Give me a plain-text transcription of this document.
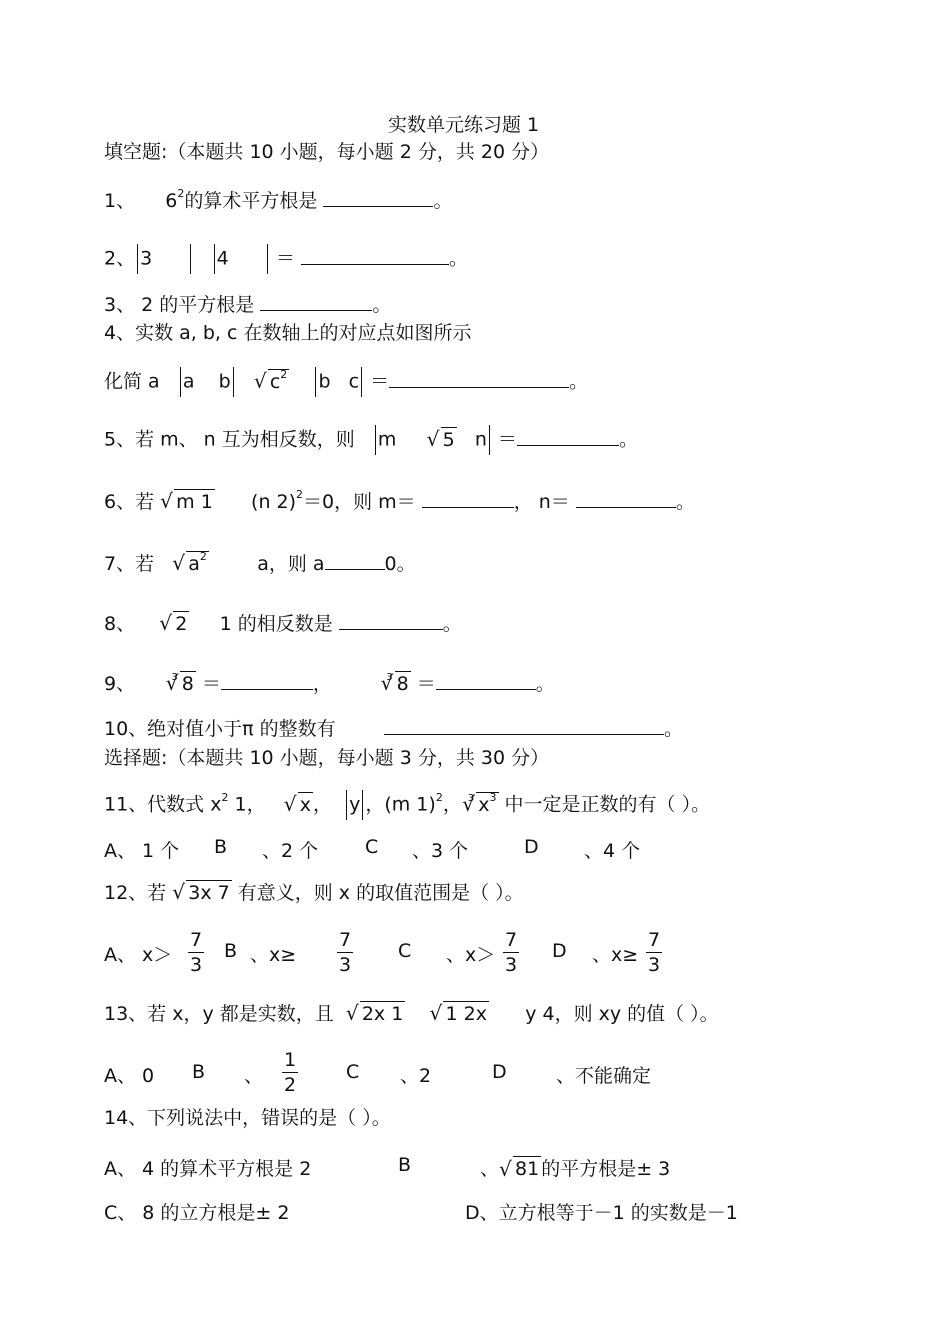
实数单元练习题 1
填空题:（本题共 10 小题，每小题 2 分，共 20 分）
1、 $6^2$的算术平方根是	。
2、 3	4 ＝	。
3、 2 的平方根是	。
4、实数 a, b, c 在数轴上的对应点如图所示
化简 a a b √ $c^2$ b c ＝	。
5、若 m、 n 互为相反数，则 m √ 5 n ＝	。
6、若 √ m 1 (n 2)$^2$＝0，则 m＝	， n＝	。
7、若 √ $a^2$	a，则 a	0。
8、 √ 2 1 的相反数是	。
9、	$^3$√ 8 ＝	，	$^3$ √ 8 ＝	。
10、绝对值小于π 的整数有	。
选择题:（本题共 10 小题，每小题 3 分，共 30 分）
11、代数式 $x^2$ 1， √ x ， y ，(m 1)$^2$， $^3$ √ $x^3$ 中一定是正数的有（ ）。
A、 1 个 B 、2 个 C 、3 个	D 、4 个
12、若 √ 3x 7 有意义，则 x 的取值范围是（ ）。
A、 $x> \frac{7}{3}$ B 、$x\ge \frac{7}{3}$ C 、$x> \frac{7}{3}$ D 、$x\ge \frac{7}{3}$
13、若 x，y 都是实数，且 √ 2x 1 √ 1 2x y 4，则 xy 的值（ ）。
A、 0 B 、 $\frac{1}{2}$	C 、2	D	、不能确定
14、下列说法中，错误的是（ ）。
A、 4 的算术平方根是 2	B	、 √ 81 的平方根是± 3
C、 8 的立方根是± 2	D、立方根等于－1 的实数是－1
